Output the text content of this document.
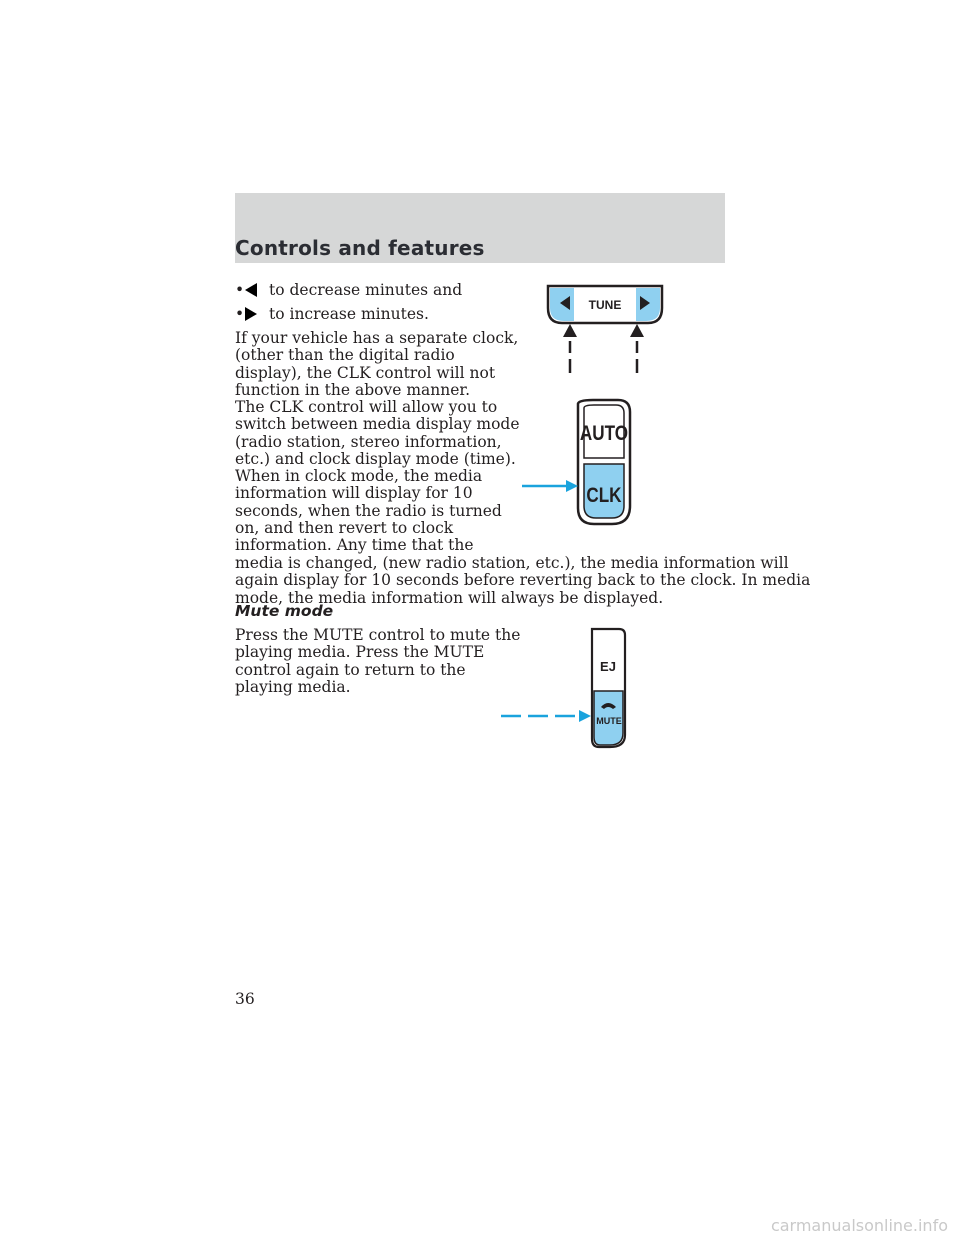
Controls and features
• to decrease minutes and
• to increase minutes.

If your vehicle has a separate clock,
(other than the digital radio
display), the CLK control will not
function in the above manner.

The CLK control will allow you to
switch between media display mode
(radio station, stereo information,
etc.) and clock display mode (time).
When in clock mode, the media
information will display for 10
seconds, when the radio is turned
on, and then revert to clock
information. Any time that the

media is changed, (new radio station, etc.), the media information will
again display for 10 seconds before reverting back to the clock. In media
mode, the media information will always be displayed.

Mute mode

Press the MUTE control to mute the
playing media. Press the MUTE
control again to return to the
playing media.

TUNE
AUTO
CLK
EJ
MUTE
36
carmanualsonline.info
